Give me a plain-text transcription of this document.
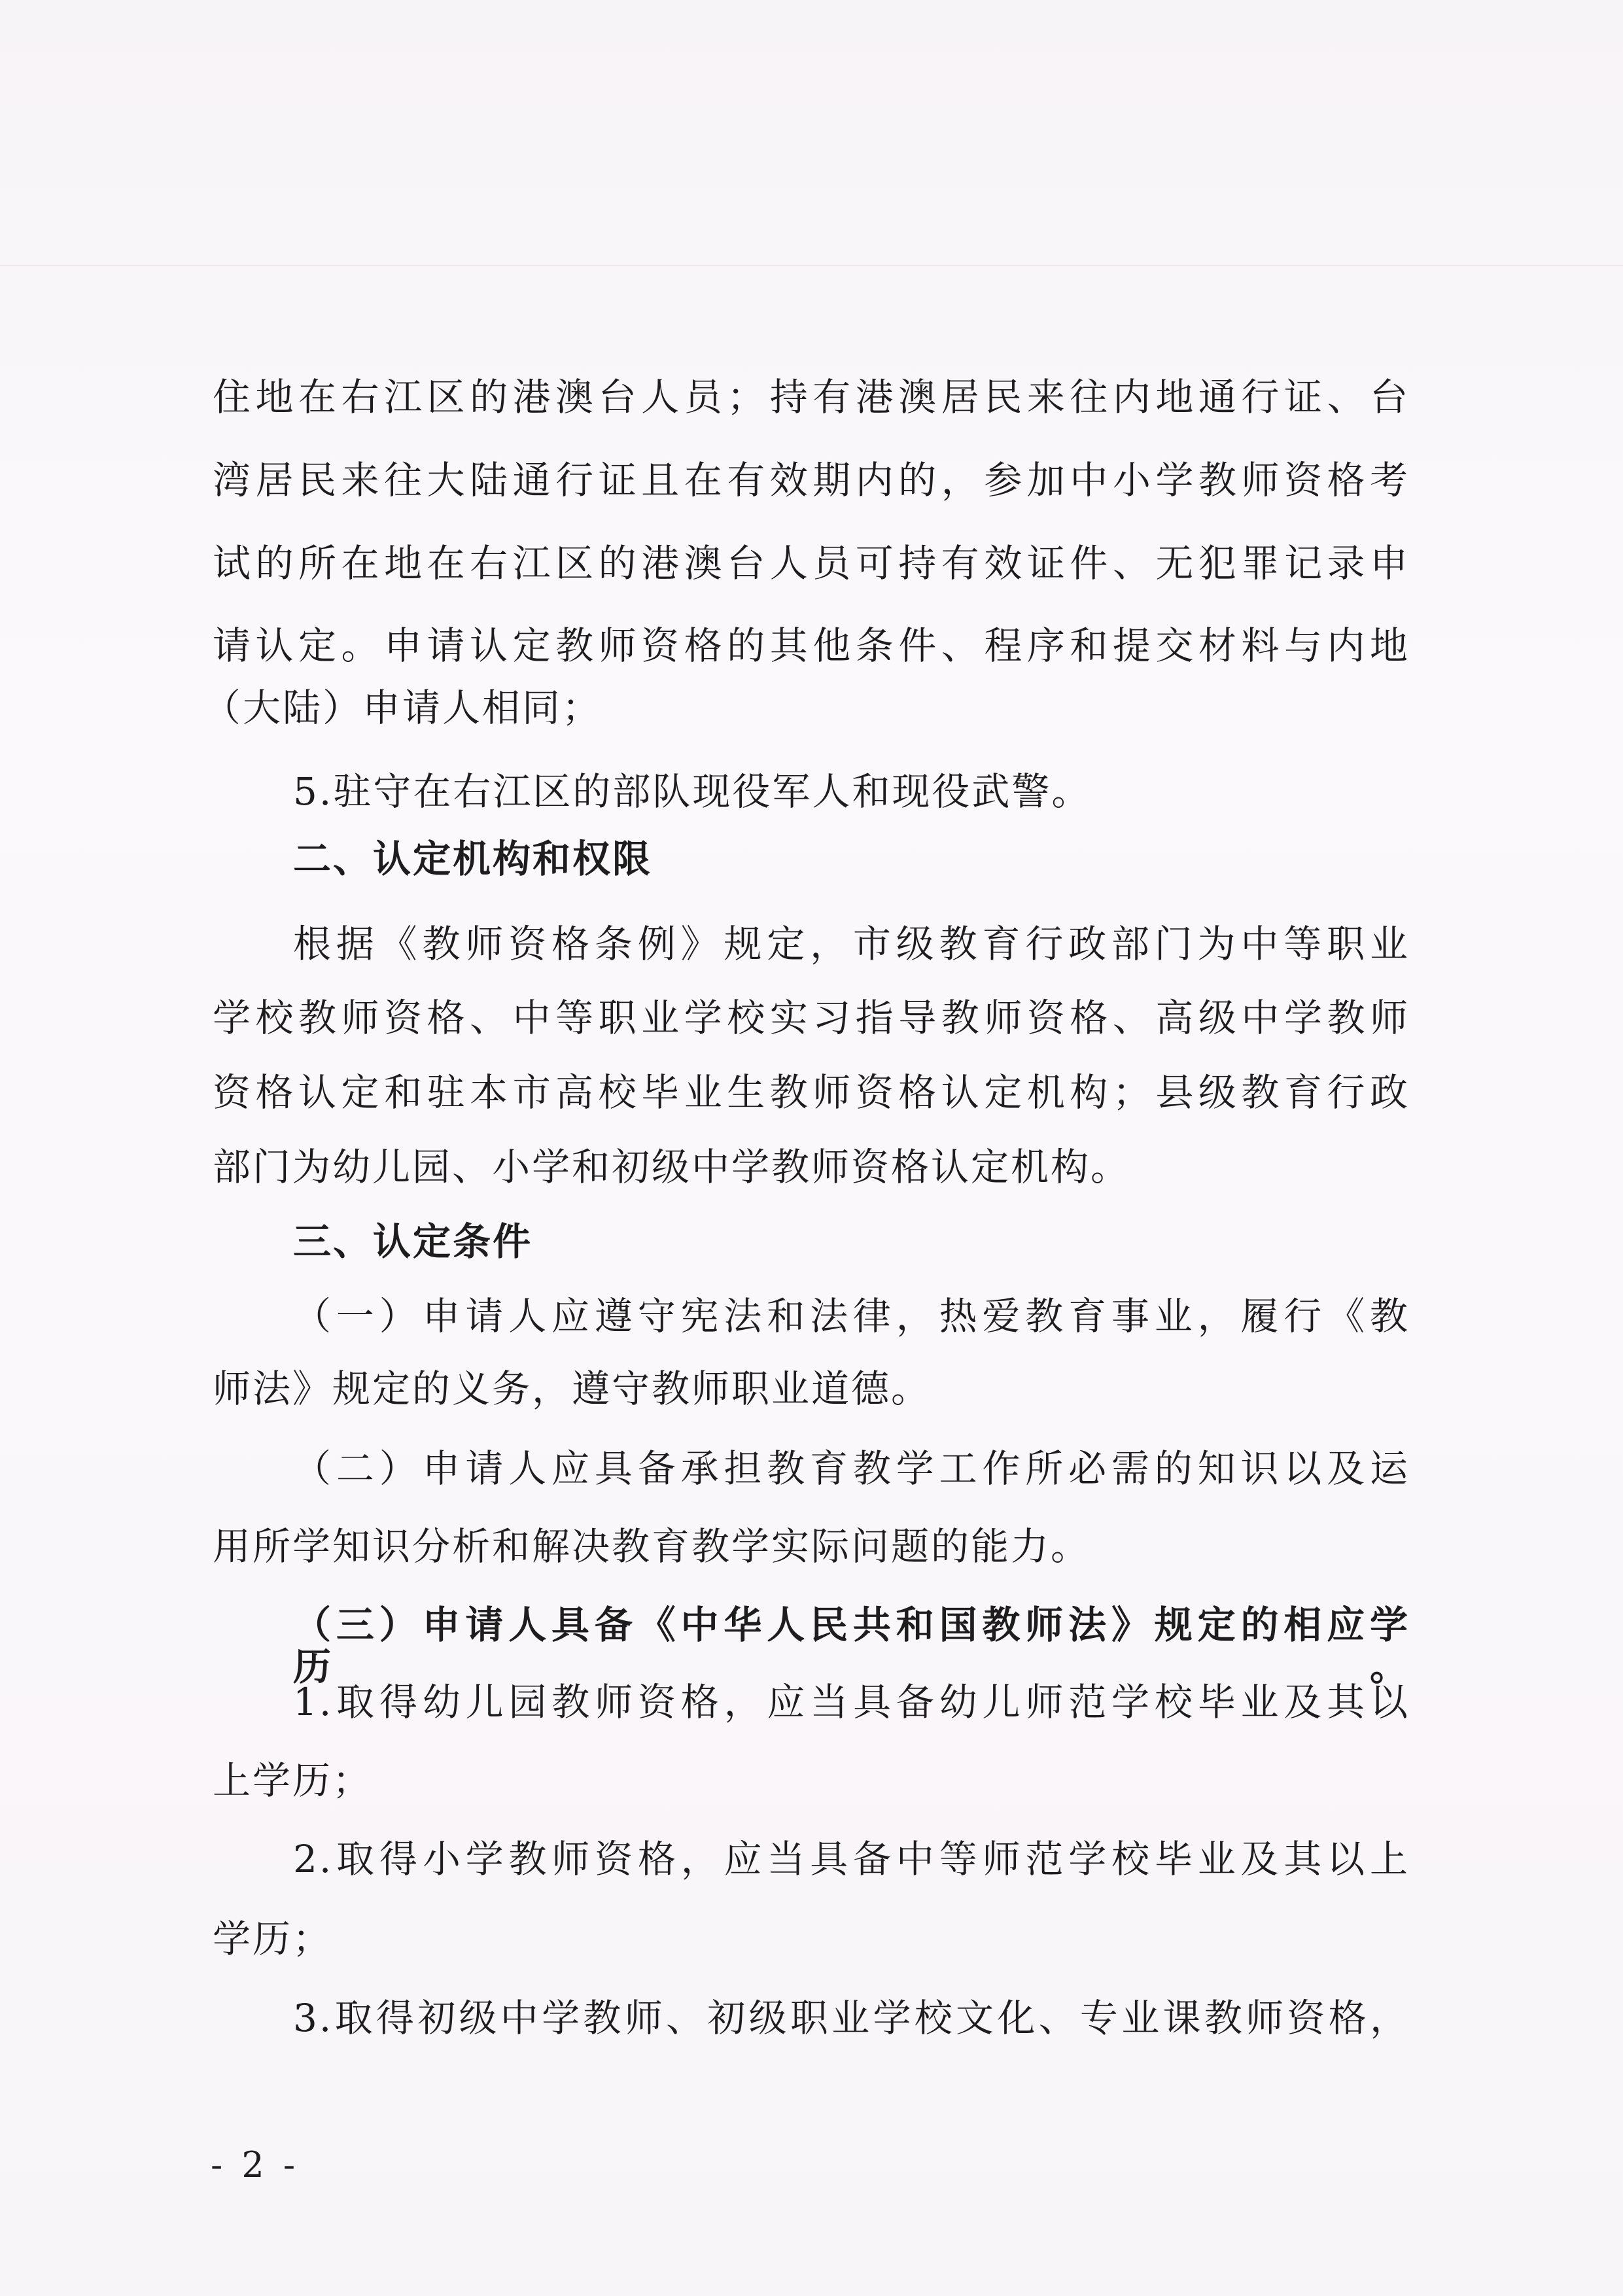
住地在右江区的港澳台人员；持有港澳居民来往内地通行证、台
湾居民来往大陆通行证且在有效期内的，参加中小学教师资格考
试的所在地在右江区的港澳台人员可持有效证件、无犯罪记录申
请认定。申请认定教师资格的其他条件、程序和提交材料与内地
（大陆）申请人相同；
5.驻守在右江区的部队现役军人和现役武警。
二、认定机构和权限
根据《教师资格条例》规定，市级教育行政部门为中等职业
学校教师资格、中等职业学校实习指导教师资格、高级中学教师
资格认定和驻本市高校毕业生教师资格认定机构；县级教育行政
部门为幼儿园、小学和初级中学教师资格认定机构。
三、认定条件
（一）申请人应遵守宪法和法律，热爱教育事业，履行《教
师法》规定的义务，遵守教师职业道德。
（二）申请人应具备承担教育教学工作所必需的知识以及运
用所学知识分析和解决教育教学实际问题的能力。
（三）申请人具备《中华人民共和国教师法》规定的相应学历。
1.取得幼儿园教师资格，应当具备幼儿师范学校毕业及其以
上学历；
2.取得小学教师资格，应当具备中等师范学校毕业及其以上
学历；
3.取得初级中学教师、初级职业学校文化、专业课教师资格，
- 2 -
